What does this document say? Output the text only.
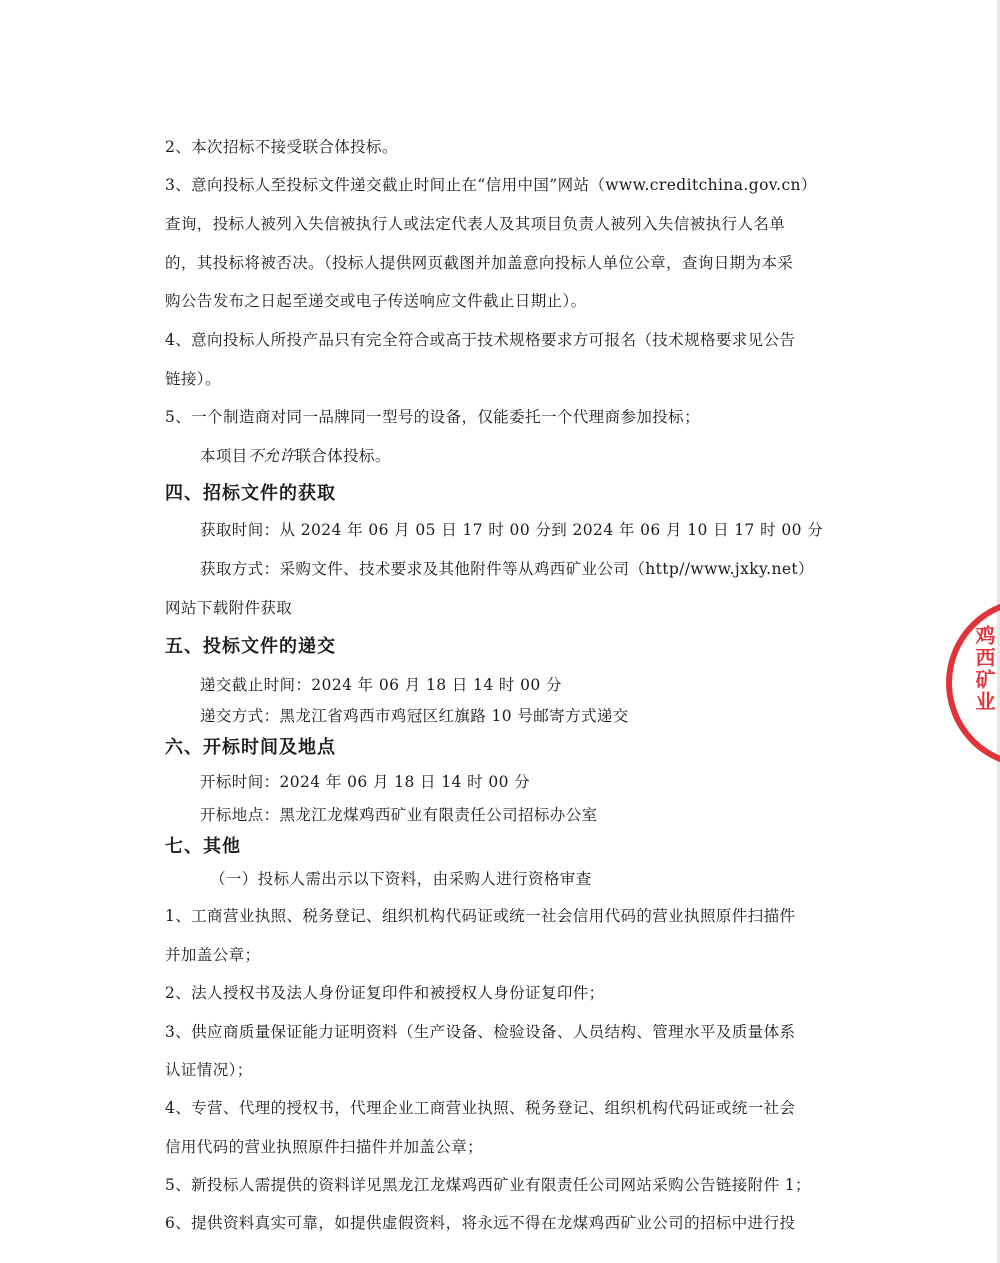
2、本次招标不接受联合体投标。
3、意向投标人至投标文件递交截止时间止在“信用中国”网站（www.creditchina.gov.cn）
查询，投标人被列入失信被执行人或法定代表人及其项目负责人被列入失信被执行人名单
的，其投标将被否决。（投标人提供网页截图并加盖意向投标人单位公章，查询日期为本采
购公告发布之日起至递交或电子传送响应文件截止日期止）。
4、意向投标人所投产品只有完全符合或高于技术规格要求方可报名（技术规格要求见公告
链接）。
5、一个制造商对同一品牌同一型号的设备，仅能委托一个代理商参加投标；
本项目不允许联合体投标。
四、招标文件的获取
获取时间：从 2024 年 06 月 05 日 17 时 00 分到 2024 年 06 月 10 日 17 时 00 分
获取方式：采购文件、技术要求及其他附件等从鸡西矿业公司（http//www.jxky.net）
网站下载附件获取
五、投标文件的递交
递交截止时间：2024 年 06 月 18 日 14 时 00 分
递交方式：黑龙江省鸡西市鸡冠区红旗路 10 号邮寄方式递交
六、开标时间及地点
开标时间：2024 年 06 月 18 日 14 时 00 分
开标地点：黑龙江龙煤鸡西矿业有限责任公司招标办公室
七、其他
（一）投标人需出示以下资料，由采购人进行资格审查
1、工商营业执照、税务登记、组织机构代码证或统一社会信用代码的营业执照原件扫描件
并加盖公章；
2、法人授权书及法人身份证复印件和被授权人身份证复印件；
3、供应商质量保证能力证明资料（生产设备、检验设备、人员结构、管理水平及质量体系
认证情况）；
4、专营、代理的授权书，代理企业工商营业执照、税务登记、组织机构代码证或统一社会
信用代码的营业执照原件扫描件并加盖公章；
5、新投标人需提供的资料详见黑龙江龙煤鸡西矿业有限责任公司网站采购公告链接附件 1；
6、提供资料真实可靠，如提供虚假资料，将永远不得在龙煤鸡西矿业公司的招标中进行投
鸡西矿业
